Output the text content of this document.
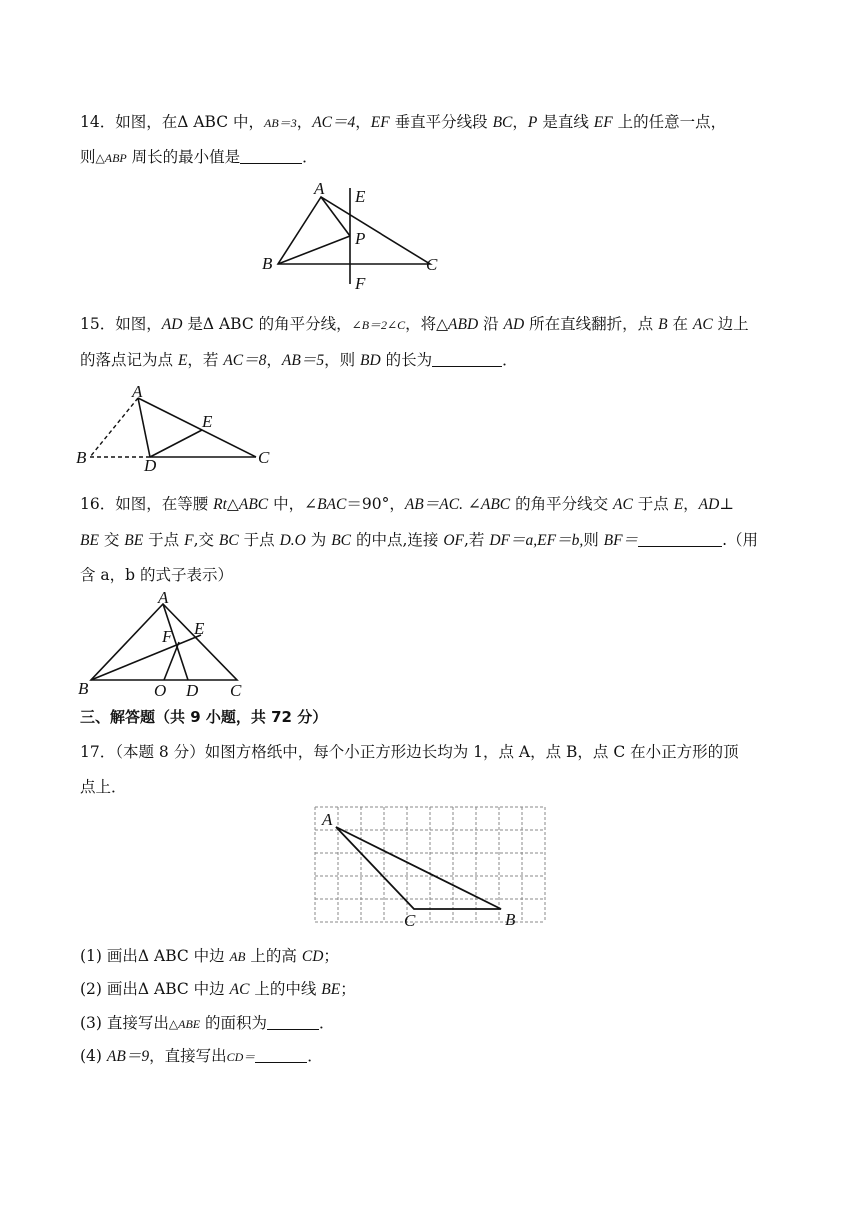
14．如图，在Δ ABC 中，AB＝3，AC＝4，EF 垂直平分线段 BC，P 是直线 EF 上的任意一点，
则△ABP 周长的最小值是	．
A
B	C
E
F
P
15．如图，AD 是Δ ABC 的角平分线，∠B＝2∠C，将△ABD 沿 AD 所在直线翻折，点 B 在 AC 边上
的落点记为点 E，若 AC＝8，AB＝5，则 BD 的长为	．
A
B	C
D
E
16．如图，在等腰 Rt△ABC 中，∠BAC＝90°，AB＝AC. ∠ABC 的角平分线交 AC 于点 E，AD⊥
BE 交 BE 于点 F,交 BC 于点 D.O 为 BC 的中点,连接 OF,若 DF＝a,EF＝b,则 BF＝	.（用
含 a，b 的式子表示）
A
B	C
D
E
F
O
三、解答题（共 9 小题，共 72 分）
17．（本题 8 分）如图方格纸中，每个小正方形边长均为 1，点 A，点 B，点 C 在小正方形的顶
点上．
A
B
C
(1) 画出Δ ABC 中边 AB 上的高 CD；
(2) 画出Δ ABC 中边 AC 上的中线 BE；
(3) 直接写出△ABE 的面积为	．
(4) AB＝9，直接写出CD＝	．
